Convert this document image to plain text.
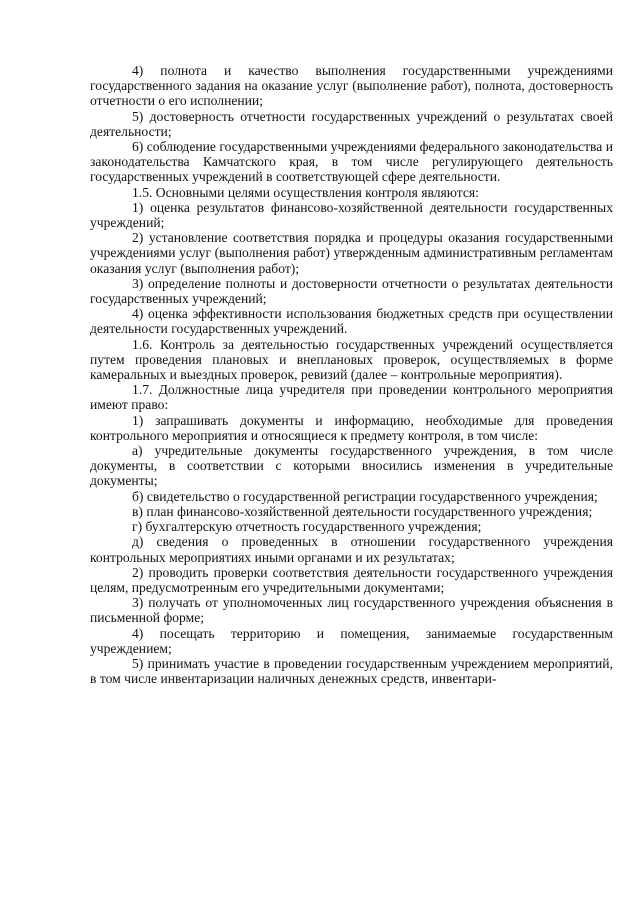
4) полнота и качество выполнения государственными учреждениями государственного задания на оказание услуг (выполнение работ), полнота, достоверность отчетности о его исполнении;

5) достоверность отчетности государственных учреждений о результатах своей деятельности;

6) соблюдение государственными учреждениями федерального законодательства и законодательства Камчатского края, в том числе регулирующего деятельность государственных учреждений в соответствующей сфере деятельности.

1.5. Основными целями осуществления контроля являются:

1) оценка результатов финансово-хозяйственной деятельности государственных учреждений;

2) установление соответствия порядка и процедуры оказания государственными учреждениями услуг (выполнения работ) утвержденным административным регламентам оказания услуг (выполнения работ);

3) определение полноты и достоверности отчетности о результатах деятельности государственных учреждений;

4) оценка эффективности использования бюджетных средств при осуществлении деятельности государственных учреждений.

1.6. Контроль за деятельностью государственных учреждений осуществляется путем проведения плановых и внеплановых проверок, осуществляемых в форме камеральных и выездных проверок, ревизий (далее – контрольные мероприятия).

1.7. Должностные лица учредителя при проведении контрольного мероприятия имеют право:

1) запрашивать документы и информацию, необходимые для проведения контрольного мероприятия и относящиеся к предмету контроля, в том числе:

а) учредительные документы государственного учреждения, в том числе документы, в соответствии с которыми вносились изменения в учредительные документы;

б) свидетельство о государственной регистрации государственного учреждения;

в) план финансово-хозяйственной деятельности государственного учреждения;

г) бухгалтерскую отчетность государственного учреждения;

д) сведения о проведенных в отношении государственного учреждения контрольных мероприятиях иными органами и их результатах;

2) проводить проверки соответствия деятельности государственного учреждения целям, предусмотренным его учредительными документами;

3) получать от уполномоченных лиц государственного учреждения объяснения в письменной форме;

4) посещать территорию и помещения, занимаемые государственным учреждением;

5) принимать участие в проведении государственным учреждением мероприятий, в том числе инвентаризации наличных денежных средств, инвентари-
